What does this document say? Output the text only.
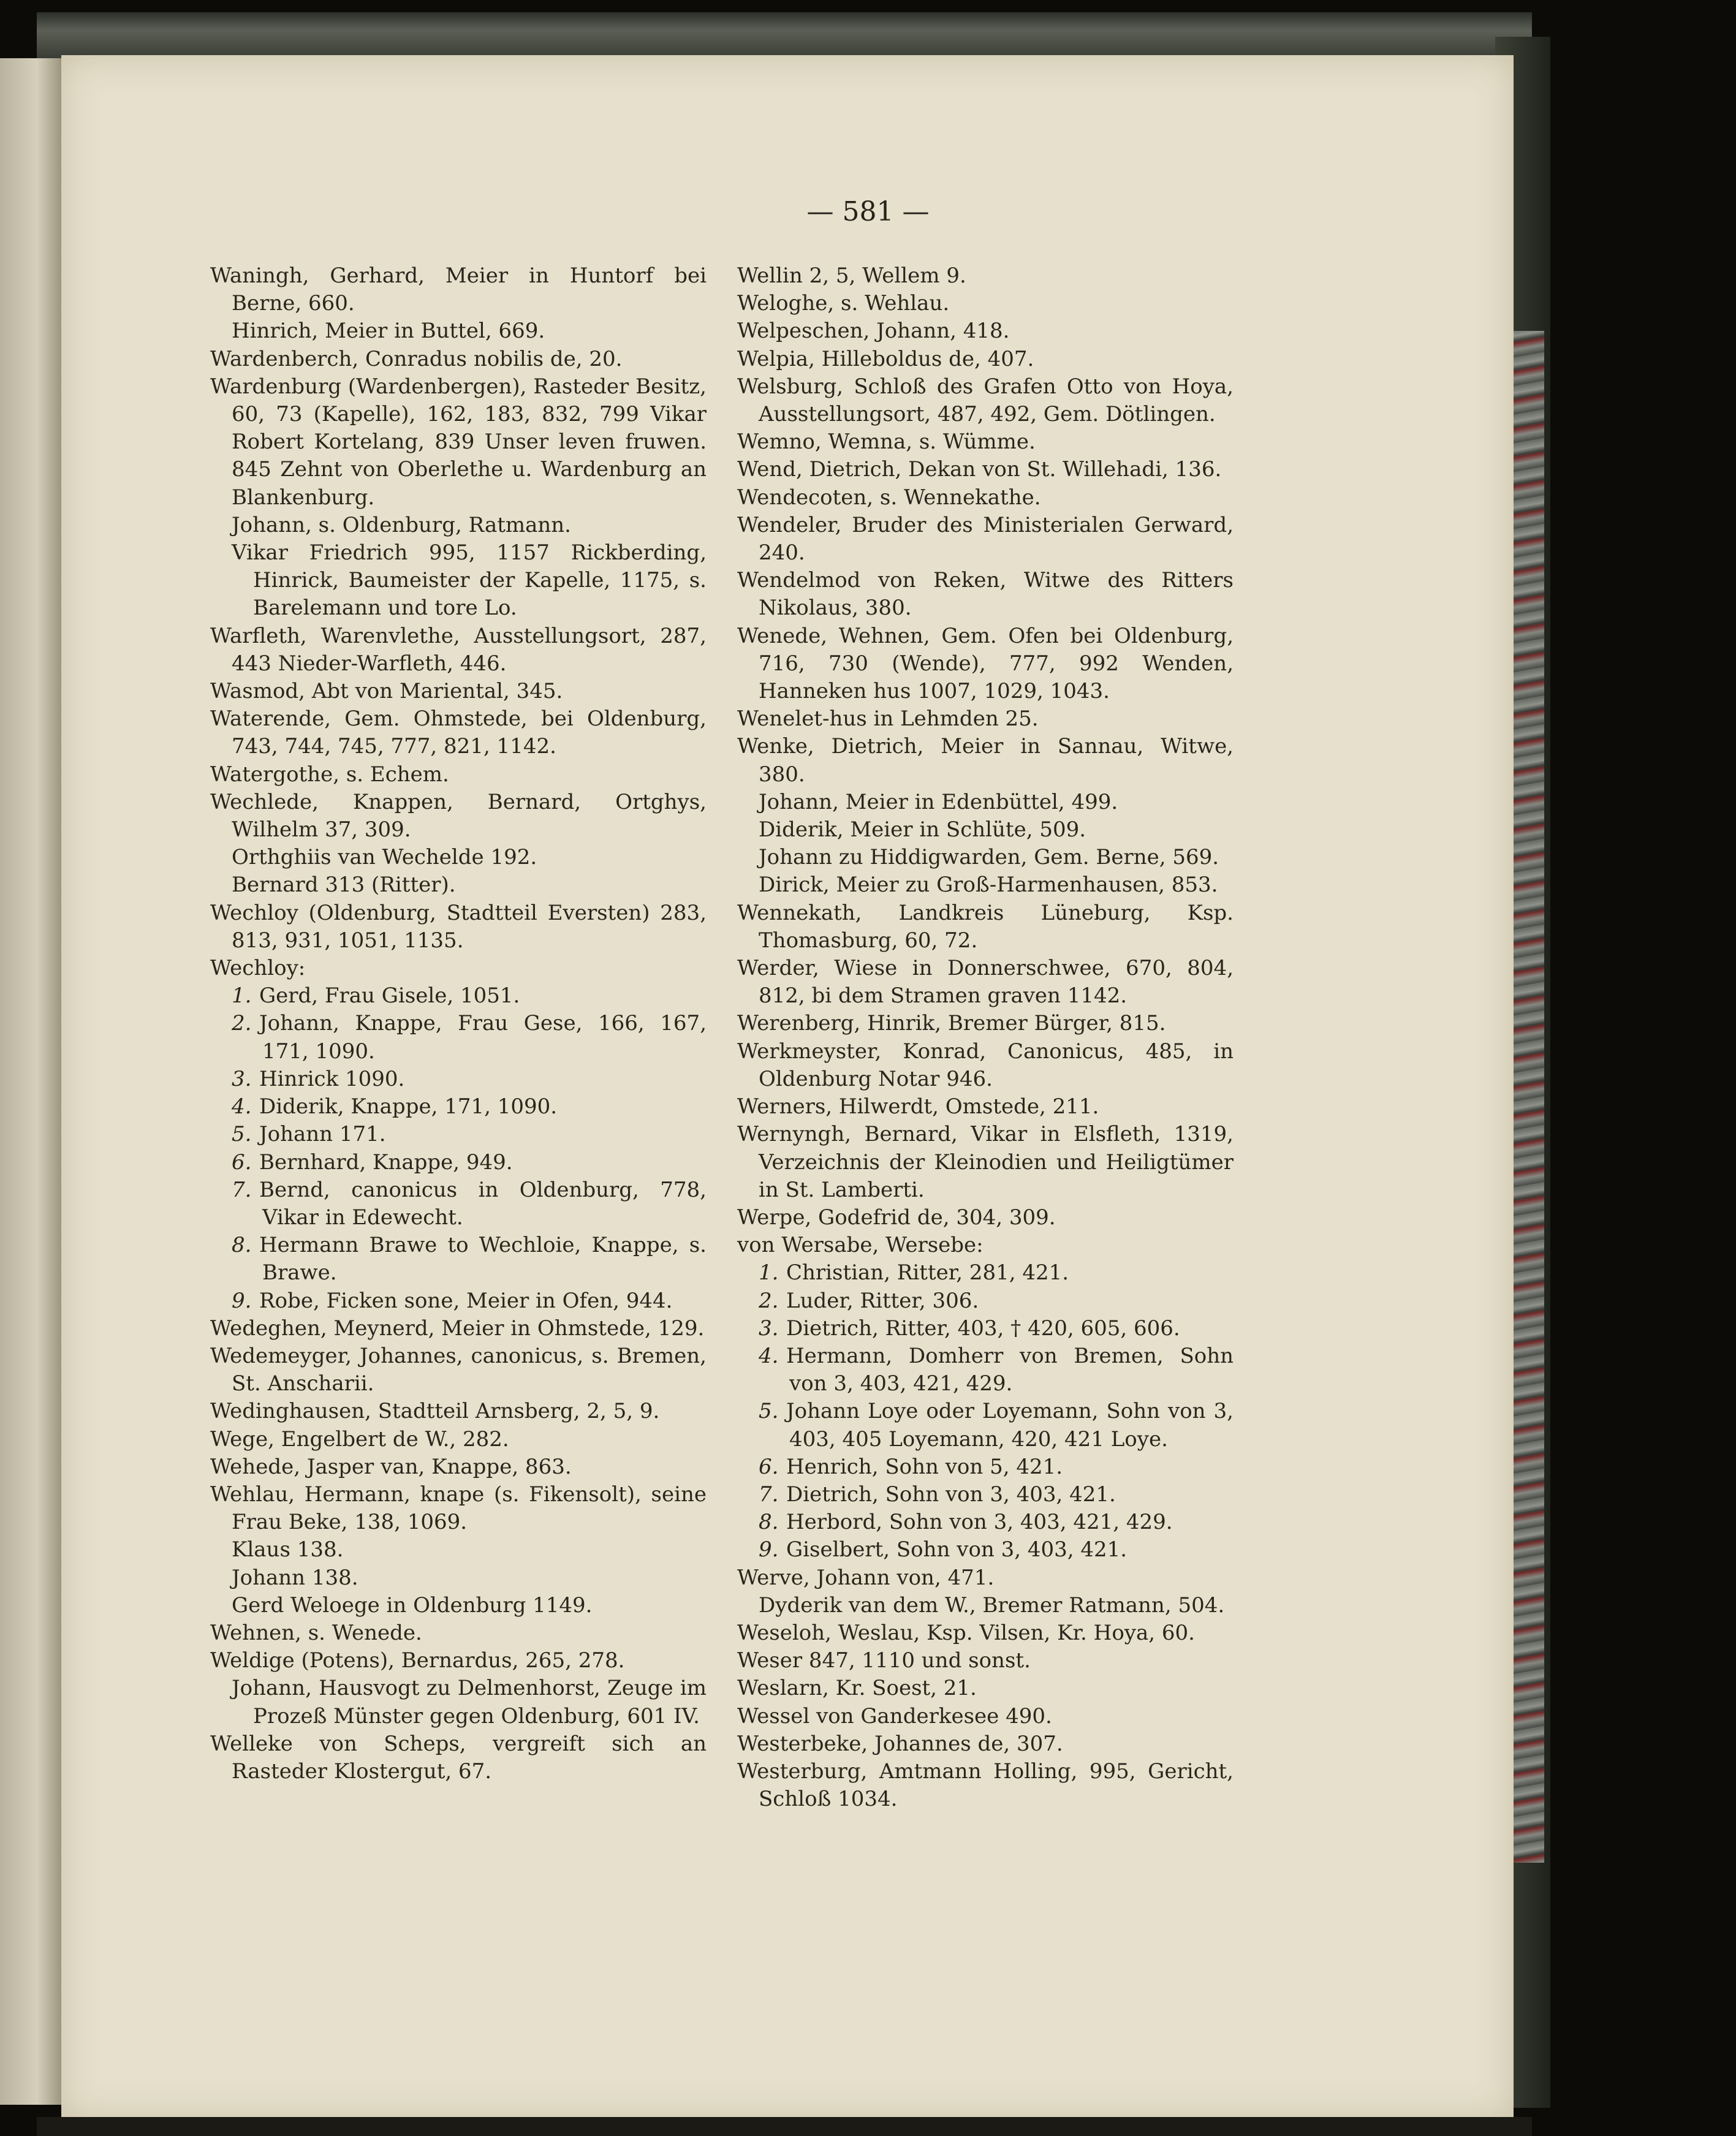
— 581 —
Waningh, Gerhard, Meier in Huntorf bei Berne, 660.
Hinrich, Meier in Buttel, 669.
Wardenberch, Conradus nobilis de, 20.
Wardenburg (Wardenbergen), Rasteder Besitz, 60, 73 (Kapelle), 162, 183, 832, 799 Vikar Robert Kortelang, 839 Unser leven fruwen. 845 Zehnt von Oberlethe u. Wardenburg an Blankenburg.
Johann, s. Oldenburg, Ratmann.
Vikar Friedrich 995, 1157 Rickberding, Hinrick, Baumeister der Kapelle, 1175, s. Barelemann und tore Lo.
Warfleth, Warenvlethe, Ausstellungsort, 287, 443 Nieder-Warfleth, 446.
Wasmod, Abt von Mariental, 345.
Waterende, Gem. Ohmstede, bei Oldenburg, 743, 744, 745, 777, 821, 1142.
Watergothe, s. Echem.
Wechlede, Knappen, Bernard, Ortghys, Wilhelm 37, 309.
Orthghiis van Wechelde 192.
Bernard 313 (Ritter).
Wechloy (Oldenburg, Stadtteil Eversten) 283, 813, 931, 1051, 1135.
Wechloy:
1. Gerd, Frau Gisele, 1051.
2. Johann, Knappe, Frau Gese, 166, 167, 171, 1090.
3. Hinrick 1090.
4. Diderik, Knappe, 171, 1090.
5. Johann 171.
6. Bernhard, Knappe, 949.
7. Bernd, canonicus in Oldenburg, 778, Vikar in Edewecht.
8. Hermann Brawe to Wechloie, Knappe, s. Brawe.
9. Robe, Ficken sone, Meier in Ofen, 944.
Wedeghen, Meynerd, Meier in Ohmstede, 129.
Wedemeyger, Johannes, canonicus, s. Bremen, St. Anscharii.
Wedinghausen, Stadtteil Arnsberg, 2, 5, 9.
Wege, Engelbert de W., 282.
Wehede, Jasper van, Knappe, 863.
Wehlau, Hermann, knape (s. Fikensolt), seine Frau Beke, 138, 1069.
Klaus 138.
Johann 138.
Gerd Weloege in Oldenburg 1149.
Wehnen, s. Wenede.
Weldige (Potens), Bernardus, 265, 278.
Johann, Hausvogt zu Delmenhorst, Zeuge im Prozeß Münster gegen Oldenburg, 601 IV.
Welleke von Scheps, vergreift sich an Rasteder Klostergut, 67.
Wellin 2, 5, Wellem 9.
Weloghe, s. Wehlau.
Welpeschen, Johann, 418.
Welpia, Hilleboldus de, 407.
Welsburg, Schloß des Grafen Otto von Hoya, Ausstellungsort, 487, 492, Gem. Dötlingen.
Wemno, Wemna, s. Wümme.
Wend, Dietrich, Dekan von St. Willehadi, 136.
Wendecoten, s. Wennekathe.
Wendeler, Bruder des Ministerialen Gerward, 240.
Wendelmod von Reken, Witwe des Ritters Nikolaus, 380.
Wenede, Wehnen, Gem. Ofen bei Oldenburg, 716, 730 (Wende), 777, 992 Wenden, Hanneken hus 1007, 1029, 1043.
Wenelet-hus in Lehmden 25.
Wenke, Dietrich, Meier in Sannau, Witwe, 380.
Johann, Meier in Edenbüttel, 499.
Diderik, Meier in Schlüte, 509.
Johann zu Hiddigwarden, Gem. Berne, 569.
Dirick, Meier zu Groß-Harmenhausen, 853.
Wennekath, Landkreis Lüneburg, Ksp. Thomasburg, 60, 72.
Werder, Wiese in Donnerschwee, 670, 804, 812, bi dem Stramen graven 1142.
Werenberg, Hinrik, Bremer Bürger, 815.
Werkmeyster, Konrad, Canonicus, 485, in Oldenburg Notar 946.
Werners, Hilwerdt, Omstede, 211.
Wernyngh, Bernard, Vikar in Elsfleth, 1319, Verzeichnis der Kleinodien und Heiligtümer in St. Lamberti.
Werpe, Godefrid de, 304, 309.
von Wersabe, Wersebe:
1. Christian, Ritter, 281, 421.
2. Luder, Ritter, 306.
3. Dietrich, Ritter, 403, † 420, 605, 606.
4. Hermann, Domherr von Bremen, Sohn von 3, 403, 421, 429.
5. Johann Loye oder Loyemann, Sohn von 3, 403, 405 Loyemann, 420, 421 Loye.
6. Henrich, Sohn von 5, 421.
7. Dietrich, Sohn von 3, 403, 421.
8. Herbord, Sohn von 3, 403, 421, 429.
9. Giselbert, Sohn von 3, 403, 421.
Werve, Johann von, 471.
Dyderik van dem W., Bremer Ratmann, 504.
Weseloh, Weslau, Ksp. Vilsen, Kr. Hoya, 60.
Weser 847, 1110 und sonst.
Weslarn, Kr. Soest, 21.
Wessel von Ganderkesee 490.
Westerbeke, Johannes de, 307.
Westerburg, Amtmann Holling, 995, Gericht, Schloß 1034.
